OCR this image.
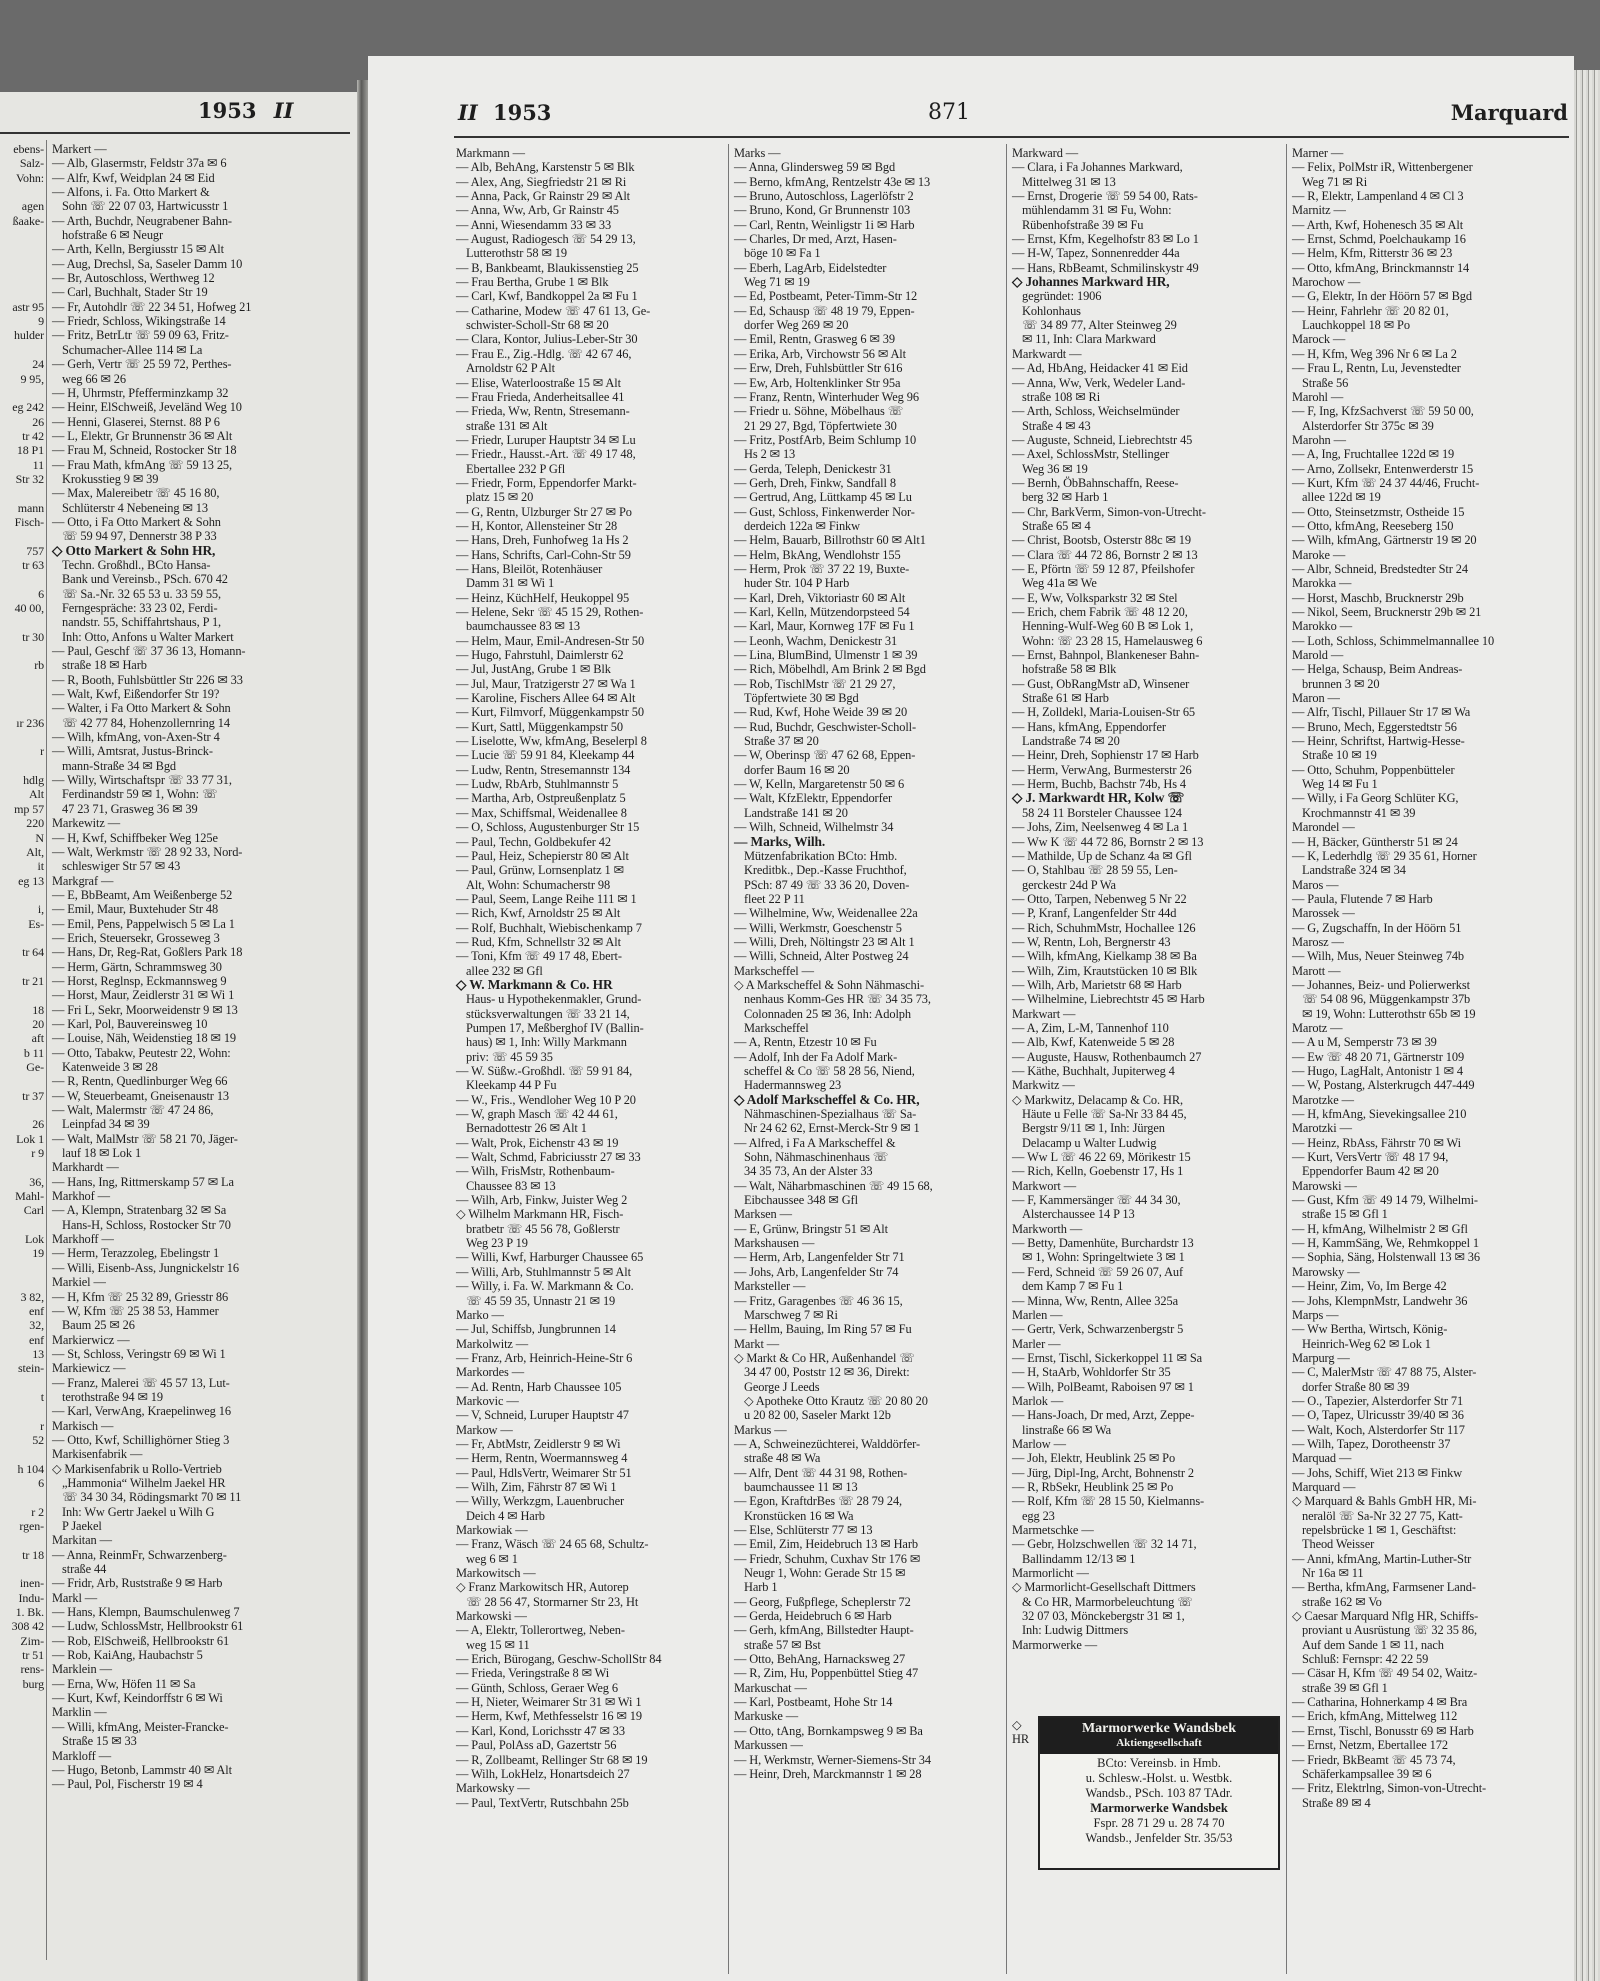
1953 II
ebens-
Salz-
Vohn:
agen
ßaake-
astr 95
9
hulder
24
9 95,
eg 242
26
tr 42
18 P1
11
Str 32
mann
Fisch-
757
tr 63
6
40 00,
tr 30
rb
ır 236
r
hdlg
Alt
mp 57
220
N
Alt,
it
eg 13
i,
Es-
tr 64
tr 21
18
20
aft
b 11
Ge-
tr 37
26
Lok 1
r 9
36,
Mahl-
Carl
Lok
19
3 82,
enf
32,
enf
13
stein-
t
r
52
h 104
6
r 2
rgen-
tr 18
inen-
Indu-
1. Bk.
308 42
Zim-
tr 51
rens-
burg
Markert —
— Alb, Glasermstr, Feldstr 37a ✉ 6
— Alfr, Kwf, Weidplan 24 ✉ Eid
— Alfons, i. Fa. Otto Markert &
Sohn ☏ 22 07 03, Hartwicusstr 1
— Arth, Buchdr, Neugrabener Bahn-
hofstraße 6 ✉ Neugr
— Arth, Kelln, Bergiusstr 15 ✉ Alt
— Aug, Drechsl, Sa, Saseler Damm 10
— Br, Autoschloss, Werthweg 12
— Carl, Buchhalt, Stader Str 19
— Fr, Autohdlr ☏ 22 34 51, Hofweg 21
— Friedr, Schloss, Wikingstraße 14
— Fritz, BetrLtr ☏ 59 09 63, Fritz-
Schumacher-Allee 114 ✉ La
— Gerh, Vertr ☏ 25 59 72, Perthes-
weg 66 ✉ 26
— H, Uhrmstr, Pfefferminzkamp 32
— Heinr, ElSchweiß, Jeveländ Weg 10
— Henni, Glaserei, Sternst. 88 P 6
— L, Elektr, Gr Brunnenstr 36 ✉ Alt
— Frau M, Schneid, Rostocker Str 18
— Frau Math, kfmAng ☏ 59 13 25,
Krokusstieg 9 ✉ 39
— Max, Malereibetr ☏ 45 16 80,
Schlüterstr 4 Nebeneing ✉ 13
— Otto, i Fa Otto Markert & Sohn
☏ 59 94 97, Dennerstr 38 P 33
◇ Otto Markert & Sohn HR,
Techn. Großhdl., BCto Hansa-
Bank und Vereinsb., PSch. 670 42
☏ Sa.-Nr. 32 65 53 u. 33 59 55,
Ferngespräche: 33 23 02, Ferdi-
nandstr. 55, Schiffahrtshaus, P 1,
Inh: Otto, Anfons u Walter Markert
— Paul, Geschf ☏ 37 36 13, Homann-
straße 18 ✉ Harb
— R, Booth, Fuhlsbüttler Str 226 ✉ 33
— Walt, Kwf, Eißendorfer Str 19?
— Walter, i Fa Otto Markert & Sohn
☏ 42 77 84, Hohenzollernring 14
— Wilh, kfmAng, von-Axen-Str 4
— Willi, Amtsrat, Justus-Brinck-
mann-Straße 34 ✉ Bgd
— Willy, Wirtschaftspr ☏ 33 77 31,
Ferdinandstr 59 ✉ 1, Wohn: ☏
47 23 71, Grasweg 36 ✉ 39
Markewitz —
— H, Kwf, Schiffbeker Weg 125e
— Walt, Werkmstr ☏ 28 92 33, Nord-
schleswiger Str 57 ✉ 43
Markgraf —
— E, BbBeamt, Am Weißenberge 52
— Emil, Maur, Buxtehuder Str 48
— Emil, Pens, Pappelwisch 5 ✉ La 1
— Erich, Steuersekr, Grosseweg 3
— Hans, Dr, Reg-Rat, Goßlers Park 18
— Herm, Gärtn, Schrammsweg 30
— Horst, Reglnsp, Eckmannsweg 9
— Horst, Maur, Zeidlerstr 31 ✉ Wi 1
— Fri L, Sekr, Moorweidenstr 9 ✉ 13
— Karl, Pol, Bauvereinsweg 10
— Louise, Näh, Weidenstieg 18 ✉ 19
— Otto, Tabakw, Peutestr 22, Wohn:
Katenweide 3 ✉ 28
— R, Rentn, Quedlinburger Weg 66
— W, Steuerbeamt, Gneisenaustr 13
— Walt, Malermstr ☏ 47 24 86,
Leinpfad 34 ✉ 39
— Walt, MalMstr ☏ 58 21 70, Jäger-
lauf 18 ✉ Lok 1
Markhardt —
— Hans, Ing, Rittmerskamp 57 ✉ La
Markhof —
— A, Klempn, Stratenbarg 32 ✉ Sa
Hans-H, Schloss, Rostocker Str 70
Markhoff —
— Herm, Terazzoleg, Ebelingstr 1
— Willi, Eisenb-Ass, Jungnickelstr 16
Markiel —
— H, Kfm ☏ 25 32 89, Griesstr 86
— W, Kfm ☏ 25 38 53, Hammer
Baum 25 ✉ 26
Markierwicz —
— St, Schloss, Veringstr 69 ✉ Wi 1
Markiewicz —
— Franz, Malerei ☏ 45 57 13, Lut-
terothstraße 94 ✉ 19
— Karl, VerwAng, Kraepelinweg 16
Markisch —
— Otto, Kwf, Schillighörner Stieg 3
Markisenfabrik —
◇ Markisenfabrik u Rollo-Vertrieb
„Hammonia“ Wilhelm Jaekel HR
☏ 34 30 34, Rödingsmarkt 70 ✉ 11
Inh: Ww Gertr Jaekel u Wilh G
P Jaekel
Markitan —
— Anna, ReinmFr, Schwarzenberg-
straße 44
— Fridr, Arb, Ruststraße 9 ✉ Harb
Markl —
— Hans, Klempn, Baumschulenweg 7
— Ludw, SchlossMstr, Hellbrookstr 61
— Rob, ElSchweiß, Hellbrookstr 61
— Rob, KaiAng, Haubachstr 5
Marklein —
— Erna, Ww, Höfen 11 ✉ Sa
— Kurt, Kwf, Keindorffstr 6 ✉ Wi
Marklin —
— Willi, kfmAng, Meister-Francke-
Straße 15 ✉ 33
Markloff —
— Hugo, Betonb, Lammstr 40 ✉ Alt
— Paul, Pol, Fischerstr 19 ✉ 4
II 1953	871	Marquard
Markmann —
— Alb, BehAng, Karstenstr 5 ✉ Blk
— Alex, Ang, Siegfriedstr 21 ✉ Ri
— Anna, Pack, Gr Rainstr 29 ✉ Alt
— Anna, Ww, Arb, Gr Rainstr 45
— Anni, Wiesendamm 33 ✉ 33
— August, Radiogesch ☏ 54 29 13,
Lutterothstr 58 ✉ 19
— B, Bankbeamt, Blaukissenstieg 25
— Frau Bertha, Grube 1 ✉ Blk
— Carl, Kwf, Bandkoppel 2a ✉ Fu 1
— Catharine, Modew ☏ 47 61 13, Ge-
schwister-Scholl-Str 68 ✉ 20
— Clara, Kontor, Julius-Leber-Str 30
— Frau E., Zig.-Hdlg. ☏ 42 67 46,
Arnoldstr 62 P Alt
— Elise, Waterloostraße 15 ✉ Alt
— Frau Frieda, Anderheitsallee 41
— Frieda, Ww, Rentn, Stresemann-
straße 131 ✉ Alt
— Friedr, Luruper Hauptstr 34 ✉ Lu
— Friedr., Hausst.-Art. ☏ 49 17 48,
Ebertallee 232 P Gfl
— Friedr, Form, Eppendorfer Markt-
platz 15 ✉ 20
— G, Rentn, Ulzburger Str 27 ✉ Po
— H, Kontor, Allensteiner Str 28
— Hans, Dreh, Funhofweg 1a Hs 2
— Hans, Schrifts, Carl-Cohn-Str 59
— Hans, Bleilöt, Rotenhäuser
Damm 31 ✉ Wi 1
— Heinz, KüchHelf, Heukoppel 95
— Helene, Sekr ☏ 45 15 29, Rothen-
baumchaussee 83 ✉ 13
— Helm, Maur, Emil-Andresen-Str 50
— Hugo, Fahrstuhl, Daimlerstr 62
— Jul, JustAng, Grube 1 ✉ Blk
— Jul, Maur, Tratzigerstr 27 ✉ Wa 1
— Karoline, Fischers Allee 64 ✉ Alt
— Kurt, Filmvorf, Müggenkampstr 50
— Kurt, Sattl, Müggenkampstr 50
— Liselotte, Ww, kfmAng, Beselerpl 8
— Lucie ☏ 59 91 84, Kleekamp 44
— Ludw, Rentn, Stresemannstr 134
— Ludw, RbArb, Stuhlmannstr 5
— Martha, Arb, Ostpreußenplatz 5
— Max, Schiffsmal, Weidenallee 8
— O, Schloss, Augustenburger Str 15
— Paul, Techn, Goldbekufer 42
— Paul, Heiz, Schepierstr 80 ✉ Alt
— Paul, Grünw, Lornsenplatz 1 ✉
Alt, Wohn: Schumacherstr 98
— Paul, Seem, Lange Reihe 111 ✉ 1
— Rich, Kwf, Arnoldstr 25 ✉ Alt
— Rolf, Buchhalt, Wiebischenkamp 7
— Rud, Kfm, Schnellstr 32 ✉ Alt
— Toni, Kfm ☏ 49 17 48, Ebert-
allee 232 ✉ Gfl
◇ W. Markmann & Co. HR
Haus- u Hypothekenmakler, Grund-
stücksverwaltungen ☏ 33 21 14,
Pumpen 17, Meßberghof IV (Ballin-
haus) ✉ 1, Inh: Willy Markmann
priv: ☏ 45 59 35
— W. Süßw.-Großhdl. ☏ 59 91 84,
Kleekamp 44 P Fu
— W., Fris., Wendloher Weg 10 P 20
— W, graph Masch ☏ 42 44 61,
Bernadottestr 26 ✉ Alt 1
— Walt, Prok, Eichenstr 43 ✉ 19
— Walt, Schmd, Fabriciusstr 27 ✉ 33
— Wilh, FrisMstr, Rothenbaum-
Chaussee 83 ✉ 13
— Wilh, Arb, Finkw, Juister Weg 2
◇ Wilhelm Markmann HR, Fisch-
bratbetr ☏ 45 56 78, Goßlerstr
Weg 23 P 19
— Willi, Kwf, Harburger Chaussee 65
— Willi, Arb, Stuhlmannstr 5 ✉ Alt
— Willy, i. Fa. W. Markmann & Co.
☏ 45 59 35, Unnastr 21 ✉ 19
Marko —
— Jul, Schiffsb, Jungbrunnen 14
Markolwitz —
— Franz, Arb, Heinrich-Heine-Str 6
Markordes —
— Ad. Rentn, Harb Chaussee 105
Markovic —
— V, Schneid, Luruper Hauptstr 47
Markow —
— Fr, AbtMstr, Zeidlerstr 9 ✉ Wi
— Herm, Rentn, Woermannsweg 4
— Paul, HdlsVertr, Weimarer Str 51
— Wilh, Zim, Fährstr 87 ✉ Wi 1
— Willy, Werkzgm, Lauenbrucher
Deich 4 ✉ Harb
Markowiak —
— Franz, Wäsch ☏ 24 65 68, Schultz-
weg 6 ✉ 1
Markowitsch —
◇ Franz Markowitsch HR, Autorep
☏ 28 56 47, Stormarner Str 23, Ht
Markowski —
— A, Elektr, Tollerortweg, Neben-
weg 15 ✉ 11
— Erich, Bürogang, Geschw-SchollStr 84
— Frieda, Veringstraße 8 ✉ Wi
— Günth, Schloss, Geraer Weg 6
— H, Nieter, Weimarer Str 31 ✉ Wi 1
— Herm, Kwf, Methfesselstr 16 ✉ 19
— Karl, Kond, Lorichsstr 47 ✉ 33
— Paul, PolAss aD, Gazertstr 56
— R, Zollbeamt, Rellinger Str 68 ✉ 19
— Wilh, LokHelz, Honartsdeich 27
Markowsky —
— Paul, TextVertr, Rutschbahn 25b
Marks —
— Anna, Glindersweg 59 ✉ Bgd
— Berno, kfmAng, Rentzelstr 43e ✉ 13
— Bruno, Autoschloss, Lagerlöfstr 2
— Bruno, Kond, Gr Brunnenstr 103
— Carl, Rentn, Weinligstr 1i ✉ Harb
— Charles, Dr med, Arzt, Hasen-
böge 10 ✉ Fa 1
— Eberh, LagArb, Eidelstedter
Weg 71 ✉ 19
— Ed, Postbeamt, Peter-Timm-Str 12
— Ed, Schausp ☏ 48 19 79, Eppen-
dorfer Weg 269 ✉ 20
— Emil, Rentn, Grasweg 6 ✉ 39
— Erika, Arb, Virchowstr 56 ✉ Alt
— Erw, Dreh, Fuhlsbüttler Str 616
— Ew, Arb, Holtenklinker Str 95a
— Franz, Rentn, Winterhuder Weg 96
— Friedr u. Söhne, Möbelhaus ☏
21 29 27, Bgd, Töpfertwiete 30
— Fritz, PostfArb, Beim Schlump 10
Hs 2 ✉ 13
— Gerda, Teleph, Denickestr 31
— Gerh, Dreh, Finkw, Sandfall 8
— Gertrud, Ang, Lüttkamp 45 ✉ Lu
— Gust, Schloss, Finkenwerder Nor-
derdeich 122a ✉ Finkw
— Helm, Bauarb, Billrothstr 60 ✉ Alt1
— Helm, BkAng, Wendlohstr 155
— Herm, Prok ☏ 37 22 19, Buxte-
huder Str. 104 P Harb
— Karl, Dreh, Viktoriastr 60 ✉ Alt
— Karl, Kelln, Mützendorpsteed 54
— Karl, Maur, Kornweg 17F ✉ Fu 1
— Leonh, Wachm, Denickestr 31
— Lina, BlumBind, Ulmenstr 1 ✉ 39
— Rich, Möbelhdl, Am Brink 2 ✉ Bgd
— Rob, TischlMstr ☏ 21 29 27,
Töpfertwiete 30 ✉ Bgd
— Rud, Kwf, Hohe Weide 39 ✉ 20
— Rud, Buchdr, Geschwister-Scholl-
Straße 37 ✉ 20
— W, Oberinsp ☏ 47 62 68, Eppen-
dorfer Baum 16 ✉ 20
— W, Kelln, Margaretenstr 50 ✉ 6
— Walt, KfzElektr, Eppendorfer
Landstraße 141 ✉ 20
— Wilh, Schneid, Wilhelmstr 34
— Marks, Wilh.
Mützenfabrikation BCto: Hmb.
Kreditbk., Dep.-Kasse Fruchthof,
PSch: 87 49 ☏ 33 36 20, Doven-
fleet 22 P 11
— Wilhelmine, Ww, Weidenallee 22a
— Willi, Werkmstr, Goeschenstr 5
— Willi, Dreh, Nöltingstr 23 ✉ Alt 1
— Willi, Schneid, Alter Postweg 24
Markscheffel —
◇ A Markscheffel & Sohn Nähmaschi-
nenhaus Komm-Ges HR ☏ 34 35 73,
Colonnaden 25 ✉ 36, Inh: Adolph
Markscheffel
— A, Rentn, Etzestr 10 ✉ Fu
— Adolf, Inh der Fa Adolf Mark-
scheffel & Co ☏ 58 28 56, Niend,
Hadermannsweg 23
◇ Adolf Markscheffel & Co. HR,
Nähmaschinen-Spezialhaus ☏ Sa-
Nr 24 62 62, Ernst-Merck-Str 9 ✉ 1
— Alfred, i Fa A Markscheffel &
Sohn, Nähmaschinenhaus ☏
34 35 73, An der Alster 33
— Walt, Näharbmaschinen ☏ 49 15 68,
Eibchaussee 348 ✉ Gfl
Marksen —
— E, Grünw, Bringstr 51 ✉ Alt
Markshausen —
— Herm, Arb, Langenfelder Str 71
— Johs, Arb, Langenfelder Str 74
Marksteller —
— Fritz, Garagenbes ☏ 46 36 15,
Marschweg 7 ✉ Ri
— Hellm, Bauing, Im Ring 57 ✉ Fu
Markt —
◇ Markt & Co HR, Außenhandel ☏
34 47 00, Poststr 12 ✉ 36, Direkt:
George J Leeds
◇ Apotheke Otto Krautz ☏ 20 80 20
u 20 82 00, Saseler Markt 12b
Markus —
— A, Schweinezüchterei, Walddörfer-
straße 48 ✉ Wa
— Alfr, Dent ☏ 44 31 98, Rothen-
baumchaussee 11 ✉ 13
— Egon, KraftdrBes ☏ 28 79 24,
Kronstücken 16 ✉ Wa
— Else, Schlüterstr 77 ✉ 13
— Emil, Zim, Heidebruch 13 ✉ Harb
— Friedr, Schuhm, Cuxhav Str 176 ✉
Neugr 1, Wohn: Gerade Str 15 ✉
Harb 1
— Georg, Fußpflege, Scheplerstr 72
— Gerda, Heidebruch 6 ✉ Harb
— Gerh, kfmAng, Billstedter Haupt-
straße 57 ✉ Bst
— Otto, BehAng, Harnacksweg 27
— R, Zim, Hu, Poppenbüttel Stieg 47
Markuschat —
— Karl, Postbeamt, Hohe Str 14
Markuske —
— Otto, tAng, Bornkampsweg 9 ✉ Ba
Markussen —
— H, Werkmstr, Werner-Siemens-Str 34
— Heinr, Dreh, Marckmannstr 1 ✉ 28
Markward —
— Clara, i Fa Johannes Markward,
Mittelweg 31 ✉ 13
— Ernst, Drogerie ☏ 59 54 00, Rats-
mühlendamm 31 ✉ Fu, Wohn:
Rübenhofstraße 39 ✉ Fu
— Ernst, Kfm, Kegelhofstr 83 ✉ Lo 1
— H-W, Tapez, Sonnenredder 44a
— Hans, RbBeamt, Schmilinskystr 49
◇ Johannes Markward HR,
gegründet: 1906
Kohlonhaus
☏ 34 89 77, Alter Steinweg 29
✉ 11, Inh: Clara Markward
Markwardt —
— Ad, HbAng, Heidacker 41 ✉ Eid
— Anna, Ww, Verk, Wedeler Land-
straße 108 ✉ Ri
— Arth, Schloss, Weichselmünder
Straße 4 ✉ 43
— Auguste, Schneid, Liebrechtstr 45
— Axel, SchlossMstr, Stellinger
Weg 36 ✉ 19
— Bernh, ÖbBahnschaffn, Reese-
berg 32 ✉ Harb 1
— Chr, BarkVerm, Simon-von-Utrecht-
Straße 65 ✉ 4
— Christ, Bootsb, Osterstr 88c ✉ 19
— Clara ☏ 44 72 86, Bornstr 2 ✉ 13
— E, Pförtn ☏ 59 12 87, Pfeilshofer
Weg 41a ✉ We
— E, Ww, Volksparkstr 32 ✉ Stel
— Erich, chem Fabrik ☏ 48 12 20,
Henning-Wulf-Weg 60 B ✉ Lok 1,
Wohn: ☏ 23 28 15, Hamelausweg 6
— Ernst, Bahnpol, Blankeneser Bahn-
hofstraße 58 ✉ Blk
— Gust, ObRangMstr aD, Winsener
Straße 61 ✉ Harb
— H, Zolldekl, Maria-Louisen-Str 65
— Hans, kfmAng, Eppendorfer
Landstraße 74 ✉ 20
— Heinr, Dreh, Sophienstr 17 ✉ Harb
— Herm, VerwAng, Burmesterstr 26
— Herm, Buchb, Bachstr 74b, Hs 4
◇ J. Markwardt HR, Kolw ☏
58 24 11 Borsteler Chaussee 124
— Johs, Zim, Neelsenweg 4 ✉ La 1
— Ww K ☏ 44 72 86, Bornstr 2 ✉ 13
— Mathilde, Up de Schanz 4a ✉ Gfl
— O, Stahlbau ☏ 28 59 55, Len-
gerckestr 24d P Wa
— Otto, Tarpen, Nebenweg 5 Nr 22
— P, Kranf, Langenfelder Str 44d
— Rich, SchuhmMstr, Hochallee 126
— W, Rentn, Loh, Bergnerstr 43
— Wilh, kfmAng, Kielkamp 38 ✉ Ba
— Wilh, Zim, Krautstücken 10 ✉ Blk
— Wilh, Arb, Marietstr 68 ✉ Harb
— Wilhelmine, Liebrechtstr 45 ✉ Harb
Markwart —
— A, Zim, L-M, Tannenhof 110
— Alb, Kwf, Katenweide 5 ✉ 28
— Auguste, Hausw, Rothenbaumch 27
— Käthe, Buchhalt, Jupiterweg 4
Markwitz —
◇ Markwitz, Delacamp & Co. HR,
Häute u Felle ☏ Sa-Nr 33 84 45,
Bergstr 9/11 ✉ 1, Inh: Jürgen
Delacamp u Walter Ludwig
— Ww L ☏ 46 22 69, Mörikestr 15
— Rich, Kelln, Goebenstr 17, Hs 1
Markwort —
— F, Kammersänger ☏ 44 34 30,
Alsterchaussee 14 P 13
Markworth —
— Betty, Damenhüte, Burchardstr 13
✉ 1, Wohn: Springeltwiete 3 ✉ 1
— Ferd, Schneid ☏ 59 26 07, Auf
dem Kamp 7 ✉ Fu 1
— Minna, Ww, Rentn, Allee 325a
Marlen —
— Gertr, Verk, Schwarzenbergstr 5
Marler —
— Ernst, Tischl, Sickerkoppel 11 ✉ Sa
— H, StaArb, Wohldorfer Str 35
— Wilh, PolBeamt, Raboisen 97 ✉ 1
Marlok —
— Hans-Joach, Dr med, Arzt, Zeppe-
linstraße 66 ✉ Wa
Marlow —
— Joh, Elektr, Heublink 25 ✉ Po
— Jürg, Dipl-Ing, Archt, Bohnenstr 2
— R, RbSekr, Heublink 25 ✉ Po
— Rolf, Kfm ☏ 28 15 50, Kielmanns-
egg 23
Marmetschke —
— Gebr, Holzschwellen ☏ 32 14 71,
Ballindamm 12/13 ✉ 1
Marmorlicht —
◇ Marmorlicht-Gesellschaft Dittmers
& Co HR, Marmorbeleuchtung ☏
32 07 03, Mönckebergstr 31 ✉ 1,
Inh: Ludwig Dittmers
Marmorwerke —
Marner —
— Felix, PolMstr iR, Wittenbergener
Weg 71 ✉ Ri
— R, Elektr, Lampenland 4 ✉ Cl 3
Marnitz —
— Arth, Kwf, Hohenesch 35 ✉ Alt
— Ernst, Schmd, Poelchaukamp 16
— Helm, Kfm, Ritterstr 36 ✉ 23
— Otto, kfmAng, Brinckmannstr 14
Marochow —
— G, Elektr, In der Höörn 57 ✉ Bgd
— Heinr, Fahrlehr ☏ 20 82 01,
Lauchkoppel 18 ✉ Po
Marock —
— H, Kfm, Weg 396 Nr 6 ✉ La 2
— Frau L, Rentn, Lu, Jevenstedter
Straße 56
Marohl —
— F, Ing, KfzSachverst ☏ 59 50 00,
Alsterdorfer Str 375c ✉ 39
Marohn —
— A, Ing, Fruchtallee 122d ✉ 19
— Arno, Zollsekr, Entenwerderstr 15
— Kurt, Kfm ☏ 24 37 44/46, Frucht-
allee 122d ✉ 19
— Otto, Steinsetzmstr, Ostheide 15
— Otto, kfmAng, Reeseberg 150
— Wilh, kfmAng, Gärtnerstr 19 ✉ 20
Maroke —
— Albr, Schneid, Bredstedter Str 24
Marokka —
— Horst, Maschb, Brucknerstr 29b
— Nikol, Seem, Brucknerstr 29b ✉ 21
Marokko —
— Loth, Schloss, Schimmelmannallee 10
Marold —
— Helga, Schausp, Beim Andreas-
brunnen 3 ✉ 20
Maron —
— Alfr, Tischl, Pillauer Str 17 ✉ Wa
— Bruno, Mech, Eggerstedtstr 56
— Heinr, Schriftst, Hartwig-Hesse-
Straße 10 ✉ 19
— Otto, Schuhm, Poppenbütteler
Weg 14 ✉ Fu 1
— Willy, i Fa Georg Schlüter KG,
Krochmannstr 41 ✉ 39
Marondel —
— H, Bäcker, Güntherstr 51 ✉ 24
— K, Lederhdlg ☏ 29 35 61, Horner
Landstraße 324 ✉ 34
Maros —
— Paula, Flutende 7 ✉ Harb
Marossek —
— G, Zugschaffn, In der Höörn 51
Marosz —
— Wilh, Mus, Neuer Steinweg 74b
Marott —
— Johannes, Beiz- und Polierwerkst
☏ 54 08 96, Müggenkampstr 37b
✉ 19, Wohn: Lutterothstr 65b ✉ 19
Marotz —
— A u M, Semperstr 73 ✉ 39
— Ew ☏ 48 20 71, Gärtnerstr 109
— Hugo, LagHalt, Antonistr 1 ✉ 4
— W, Postang, Alsterkrugch 447-449
Marotzke —
— H, kfmAng, Sievekingsallee 210
Marotzki —
— Heinz, RbAss, Fährstr 70 ✉ Wi
— Kurt, VersVertr ☏ 48 17 94,
Eppendorfer Baum 42 ✉ 20
Marowski —
— Gust, Kfm ☏ 49 14 79, Wilhelmi-
straße 15 ✉ Gfl 1
— H, kfmAng, Wilhelmistr 2 ✉ Gfl
— H, KammSäng, We, Rehmkoppel 1
— Sophia, Säng, Holstenwall 13 ✉ 36
Marowsky —
— Heinr, Zim, Vo, Im Berge 42
— Johs, KlempnMstr, Landwehr 36
Marps —
— Ww Bertha, Wirtsch, König-
Heinrich-Weg 62 ✉ Lok 1
Marpurg —
— C, MalerMstr ☏ 47 88 75, Alster-
dorfer Straße 80 ✉ 39
— O., Tapezier, Alsterdorfer Str 71
— O, Tapez, Ulricusstr 39/40 ✉ 36
— Walt, Koch, Alsterdorfer Str 117
— Wilh, Tapez, Dorotheenstr 37
Marquad —
— Johs, Schiff, Wiet 213 ✉ Finkw
Marquard —
◇ Marquard & Bahls GmbH HR, Mi-
neralöl ☏ Sa-Nr 32 27 75, Katt-
repelsbrücke 1 ✉ 1, Geschäftst:
Theod Weisser
— Anni, kfmAng, Martin-Luther-Str
Nr 16a ✉ 11
— Bertha, kfmAng, Farmsener Land-
straße 162 ✉ Vo
◇ Caesar Marquard Nflg HR, Schiffs-
proviant u Ausrüstung ☏ 32 35 86,
Auf dem Sande 1 ✉ 11, nach
Schluß: Fernspr: 42 22 59
— Cäsar H, Kfm ☏ 49 54 02, Waitz-
straße 39 ✉ Gfl 1
— Catharina, Hohnerkamp 4 ✉ Bra
— Erich, kfmAng, Mittelweg 112
— Ernst, Tischl, Bonusstr 69 ✉ Harb
— Ernst, Netzm, Ebertallee 172
— Friedr, BkBeamt ☏ 45 73 74,
Schäferkampsallee 39 ✉ 6
— Fritz, Elektrlng, Simon-von-Utrecht-
Straße 89 ✉ 4
◇
HR
Marmorwerke Wandsbek
Aktiengesellschaft
BCto: Vereinsb. in Hmb.
u. Schlesw.-Holst. u. Westbk.
Wandsb., PSch. 103 87 TAdr.
Marmorwerke Wandsbek
Fspr. 28 71 29 u. 28 74 70
Wandsb., Jenfelder Str. 35/53
